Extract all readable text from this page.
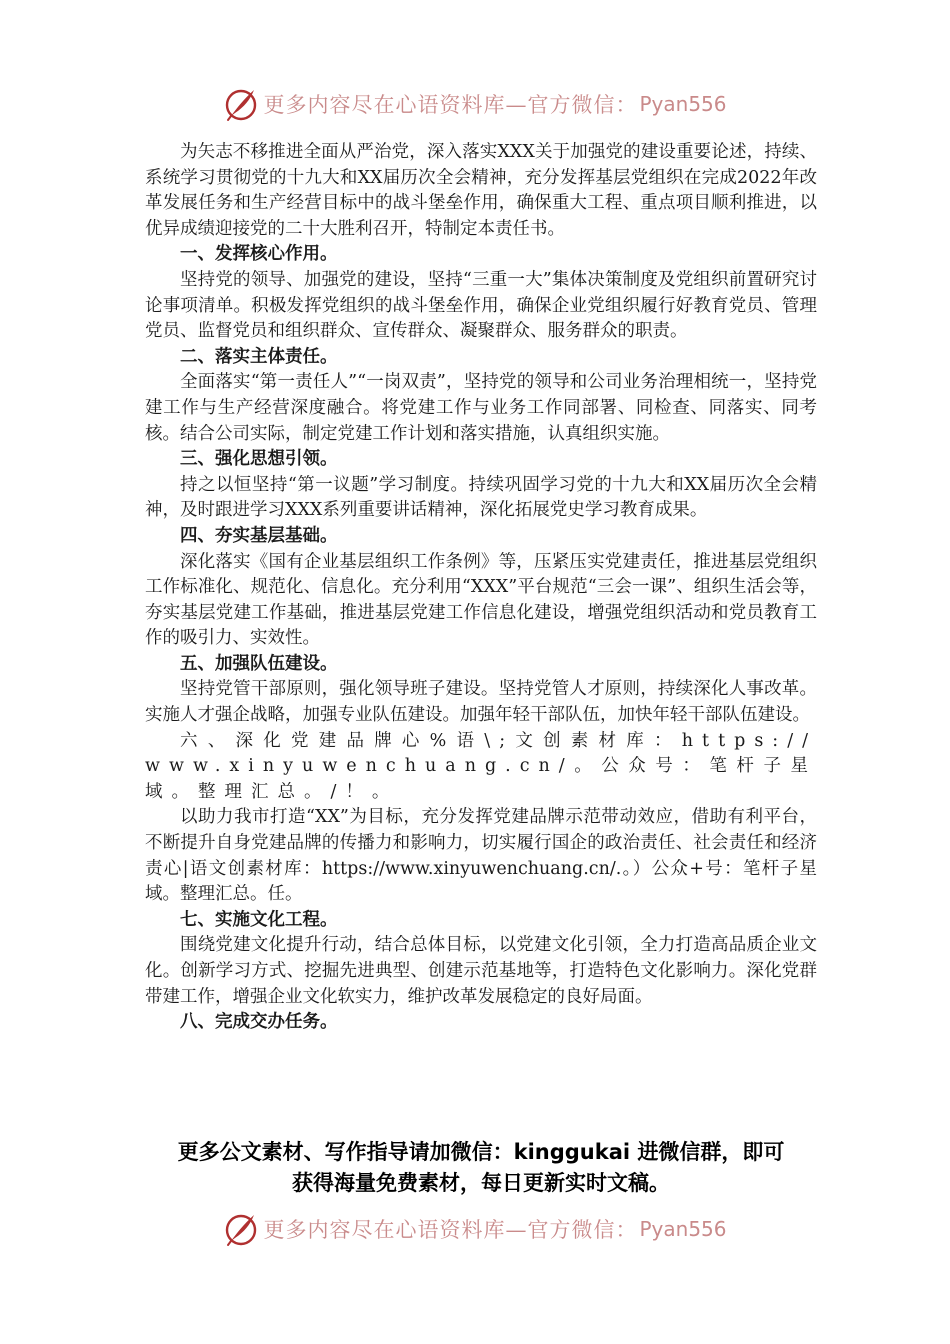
更多内容尽在心语资料库—官方微信： Pyan556

为矢志不移推进全面从严治党，深入落实XXX关于加强党的建设重要论述，持续、系统学习贯彻党的十九大和XX届历次全会精神，充分发挥基层党组织在完成2022年改革发展任务和生产经营目标中的战斗堡垒作用，确保重大工程、重点项目顺利推进，以优异成绩迎接党的二十大胜利召开，特制定本责任书。

一、发挥核心作用。

坚持党的领导、加强党的建设，坚持“三重一大”集体决策制度及党组织前置研究讨论事项清单。积极发挥党组织的战斗堡垒作用，确保企业党组织履行好教育党员、管理党员、监督党员和组织群众、宣传群众、凝聚群众、服务群众的职责。

二、落实主体责任。

全面落实“第一责任人”“一岗双责”，坚持党的领导和公司业务治理相统一，坚持党建工作与生产经营深度融合。将党建工作与业务工作同部署、同检查、同落实、同考核。结合公司实际，制定党建工作计划和落实措施，认真组织实施。

三、强化思想引领。

持之以恒坚持“第一议题”学习制度。持续巩固学习党的十九大和XX届历次全会精神，及时跟进学习XXX系列重要讲话精神，深化拓展党史学习教育成果。

四、夯实基层基础。

深化落实《国有企业基层组织工作条例》等，压紧压实党建责任，推进基层党组织工作标准化、规范化、信息化。充分利用“XXX”平台规范“三会一课”、组织生活会等，夯实基层党建工作基础，推进基层党建工作信息化建设，增强党组织活动和党员教育工作的吸引力、实效性。

五、加强队伍建设。

坚持党管干部原则，强化领导班子建设。坚持党管人才原则，持续深化人事改革。实施人才强企战略，加强专业队伍建设。加强年轻干部队伍，加快年轻干部队伍建设。

六、深化党建品牌心%语\;文创素材库：https://www.xinyuwenchuang.cn/。公众号：笔杆子星域。整理汇总。/！。

以助力我市打造“XX”为目标，充分发挥党建品牌示范带动效应，借助有利平台，不断提升自身党建品牌的传播力和影响力，切实履行国企的政治责任、社会责任和经济责心|语文创素材库：https://www.xinyuwenchuang.cn/.。）公众+号：笔杆子星域。整理汇总。任。

七、实施文化工程。

围绕党建文化提升行动，结合总体目标，以党建文化引领，全力打造高品质企业文化。创新学习方式、挖掘先进典型、创建示范基地等，打造特色文化影响力。深化党群带建工作，增强企业文化软实力，维护改革发展稳定的良好局面。

八、完成交办任务。

更多公文素材、写作指导请加微信：kinggukai 进微信群，即可
获得海量免费素材，每日更新实时文稿。
更多内容尽在心语资料库—官方微信： Pyan556
